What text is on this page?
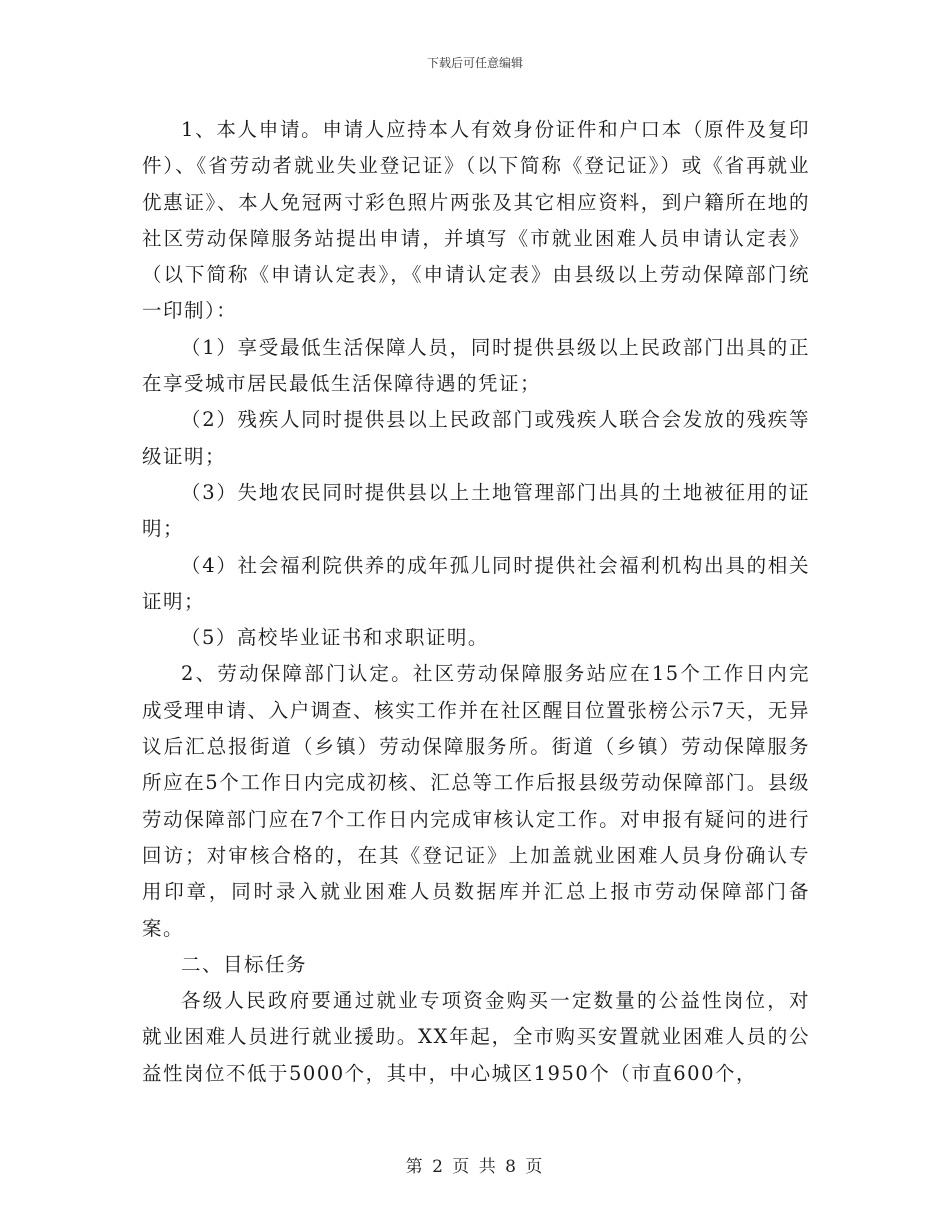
下载后可任意编辑

1、本人申请。申请人应持本人有效身份证件和户口本（原件及复印件）、《省劳动者就业失业登记证》（以下简称《登记证》）或《省再就业优惠证》、本人免冠两寸彩色照片两张及其它相应资料，到户籍所在地的社区劳动保障服务站提出申请，并填写《市就业困难人员申请认定表》（以下简称《申请认定表》，《申请认定表》由县级以上劳动保障部门统一印制）：

（1）享受最低生活保障人员，同时提供县级以上民政部门出具的正在享受城市居民最低生活保障待遇的凭证；

（2）残疾人同时提供县以上民政部门或残疾人联合会发放的残疾等级证明；

（3）失地农民同时提供县以上土地管理部门出具的土地被征用的证明；

（4）社会福利院供养的成年孤儿同时提供社会福利机构出具的相关证明；

（5）高校毕业证书和求职证明。

2、劳动保障部门认定。社区劳动保障服务站应在15个工作日内完成受理申请、入户调查、核实工作并在社区醒目位置张榜公示7天，无异议后汇总报街道（乡镇）劳动保障服务所。街道（乡镇）劳动保障服务所应在5个工作日内完成初核、汇总等工作后报县级劳动保障部门。县级劳动保障部门应在7个工作日内完成审核认定工作。对申报有疑问的进行回访；对审核合格的，在其《登记证》上加盖就业困难人员身份确认专用印章，同时录入就业困难人员数据库并汇总上报市劳动保障部门备案。

二、目标任务

各级人民政府要通过就业专项资金购买一定数量的公益性岗位，对就业困难人员进行就业援助。XX年起，全市购买安置就业困难人员的公益性岗位不低于5000个，其中，中心城区1950个（市直600个，

第 2 页 共 8 页
